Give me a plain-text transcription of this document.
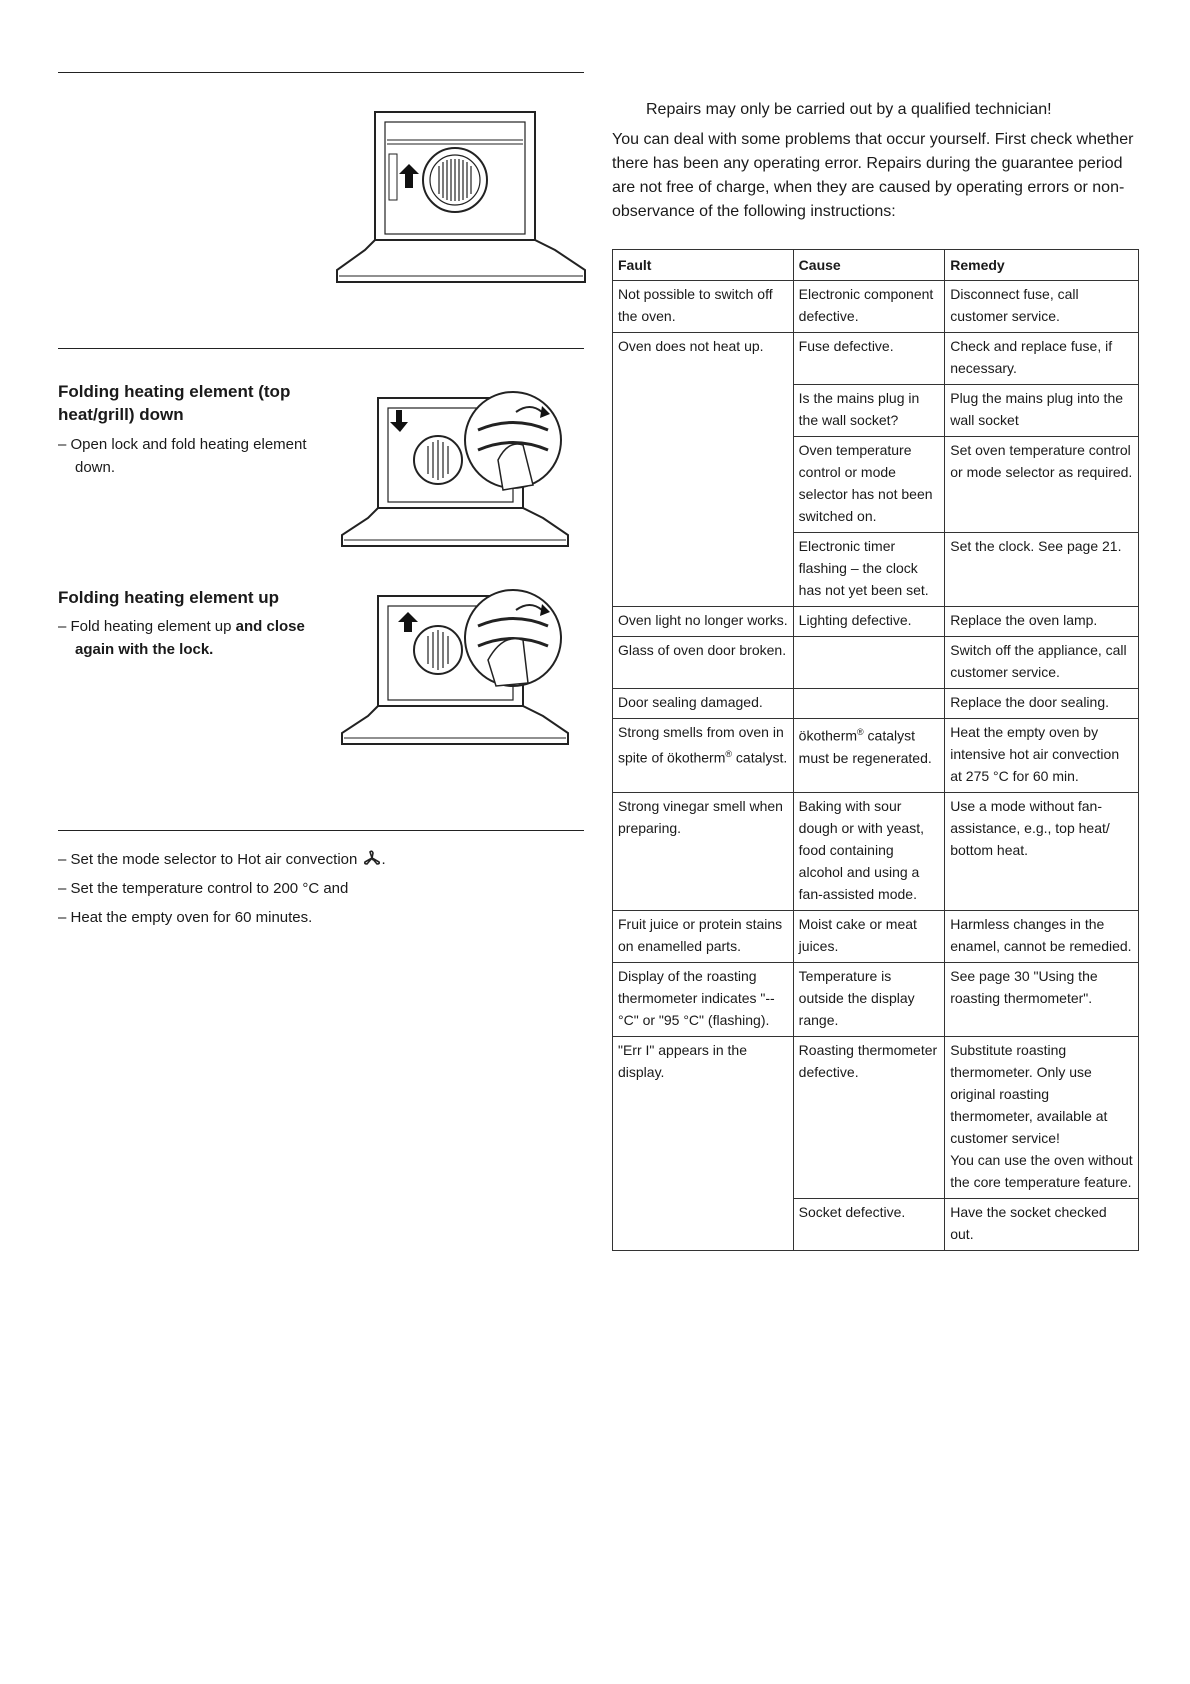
Folding heating element (top
heat/grill) down
– Open lock and fold heating element down.
Folding heating element up
– Fold heating element up and close again with the lock.
– Set the mode selector to Hot air convection .
– Set the temperature control to 200 °C and
– Heat the empty oven for 60 minutes.
Repairs may only be carried out by a qualified technician!
You can deal with some problems that occur yourself. First check whether there has been any operating error. Repairs during the guarantee period are not free of charge, when they are caused by operating errors or non-observance of the following instructions:
Fault	Cause	Remedy
Not possible to switch off the oven.	Electronic component defective.	Disconnect fuse, call customer service.
Oven does not heat up.	Fuse defective.	Check and replace fuse, if necessary.
	Is the mains plug in the wall socket?	Plug the mains plug into the wall socket
	Oven temperature control or mode selector has not been switched on.	Set oven temperature control or mode selector as required.
	Electronic timer flashing – the clock has not yet been set.	Set the clock. See page 21.
Oven light no longer works.	Lighting defective.	Replace the oven lamp.
Glass of oven door broken.		Switch off the appliance, call customer service.
Door sealing damaged.		Replace the door sealing.
Strong smells from oven in spite of ökotherm® catalyst.	ökotherm® catalyst must be regenerated.	Heat the empty oven by intensive hot air convection at 275 °C for 60 min.
Strong vinegar smell when preparing.	Baking with sour dough or with yeast, food containing alcohol and using a fan-assisted mode.	Use a mode without fan-assistance, e.g., top heat/ bottom heat.
Fruit juice or protein stains on enamelled parts.	Moist cake or meat juices.	Harmless changes in the enamel, cannot be remedied.
Display of the roasting thermometer indicates "-- °C" or "95 °C" (flashing).	Temperature is outside the display range.	See page 30 "Using the roasting thermometer".
"Err I" appears in the display.	Roasting thermometer defective.	Substitute roasting thermometer. Only use original roasting thermometer, available at customer service!
You can use the oven without the core temperature feature.
	Socket defective.	Have the socket checked out.
